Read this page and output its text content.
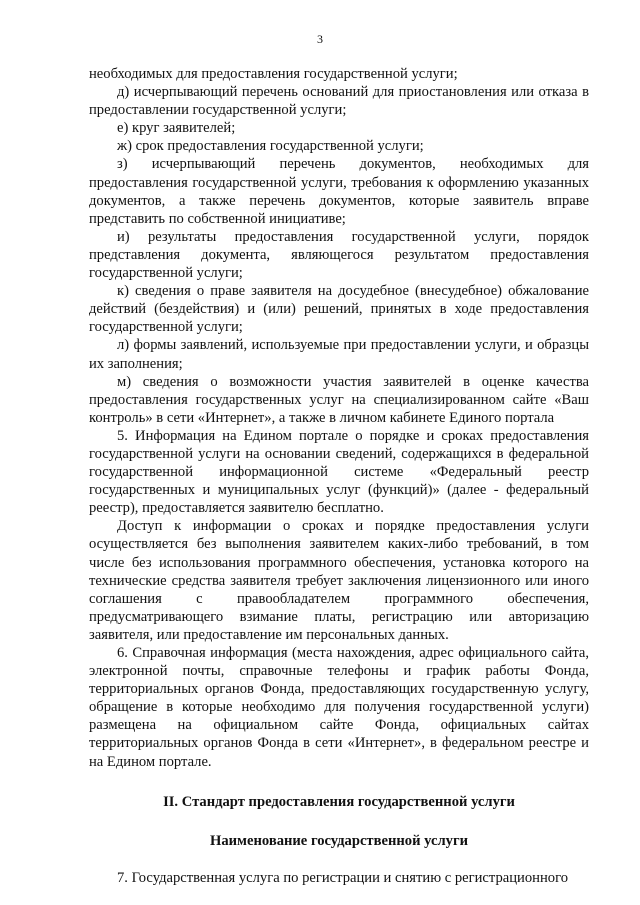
3

необходимых для предоставления государственной услуги;

д) исчерпывающий перечень оснований для приостановления или отказа в предоставлении государственной услуги;

е) круг заявителей;

ж) срок предоставления государственной услуги;

з) исчерпывающий перечень документов, необходимых для предоставления государственной услуги, требования к оформлению указанных документов, а также перечень документов, которые заявитель вправе представить по собственной инициативе;

и) результаты предоставления государственной услуги, порядок представления документа, являющегося результатом предоставления государственной услуги;

к) сведения о праве заявителя на досудебное (внесудебное) обжалование действий (бездействия) и (или) решений, принятых в ходе предоставления государственной услуги;

л) формы заявлений, используемые при предоставлении услуги, и образцы их заполнения;

м) сведения о возможности участия заявителей в оценке качества предоставления государственных услуг на специализированном сайте «Ваш контроль» в сети «Интернет», а также в личном кабинете Единого портала

5. Информация на Едином портале о порядке и сроках предоставления государственной услуги на основании сведений, содержащихся в федеральной государственной информационной системе «Федеральный реестр государственных и муниципальных услуг (функций)» (далее - федеральный реестр), предоставляется заявителю бесплатно.

Доступ к информации о сроках и порядке предоставления услуги осуществляется без выполнения заявителем каких-либо требований, в том числе без использования программного обеспечения, установка которого на технические средства заявителя требует заключения лицензионного или иного соглашения с правообладателем программного обеспечения, предусматривающего взимание платы, регистрацию или авторизацию заявителя, или предоставление им персональных данных.

6. Справочная информация (места нахождения, адрес официального сайта, электронной почты, справочные телефоны и график работы Фонда, территориальных органов Фонда, предоставляющих государственную услугу, обращение в которые необходимо для получения государственной услуги) размещена на официальном сайте Фонда, официальных сайтах территориальных органов Фонда в сети «Интернет», в федеральном реестре и на Едином портале.

II. Стандарт предоставления государственной услуги

Наименование государственной услуги

7. Государственная услуга по регистрации и снятию с регистрационного
